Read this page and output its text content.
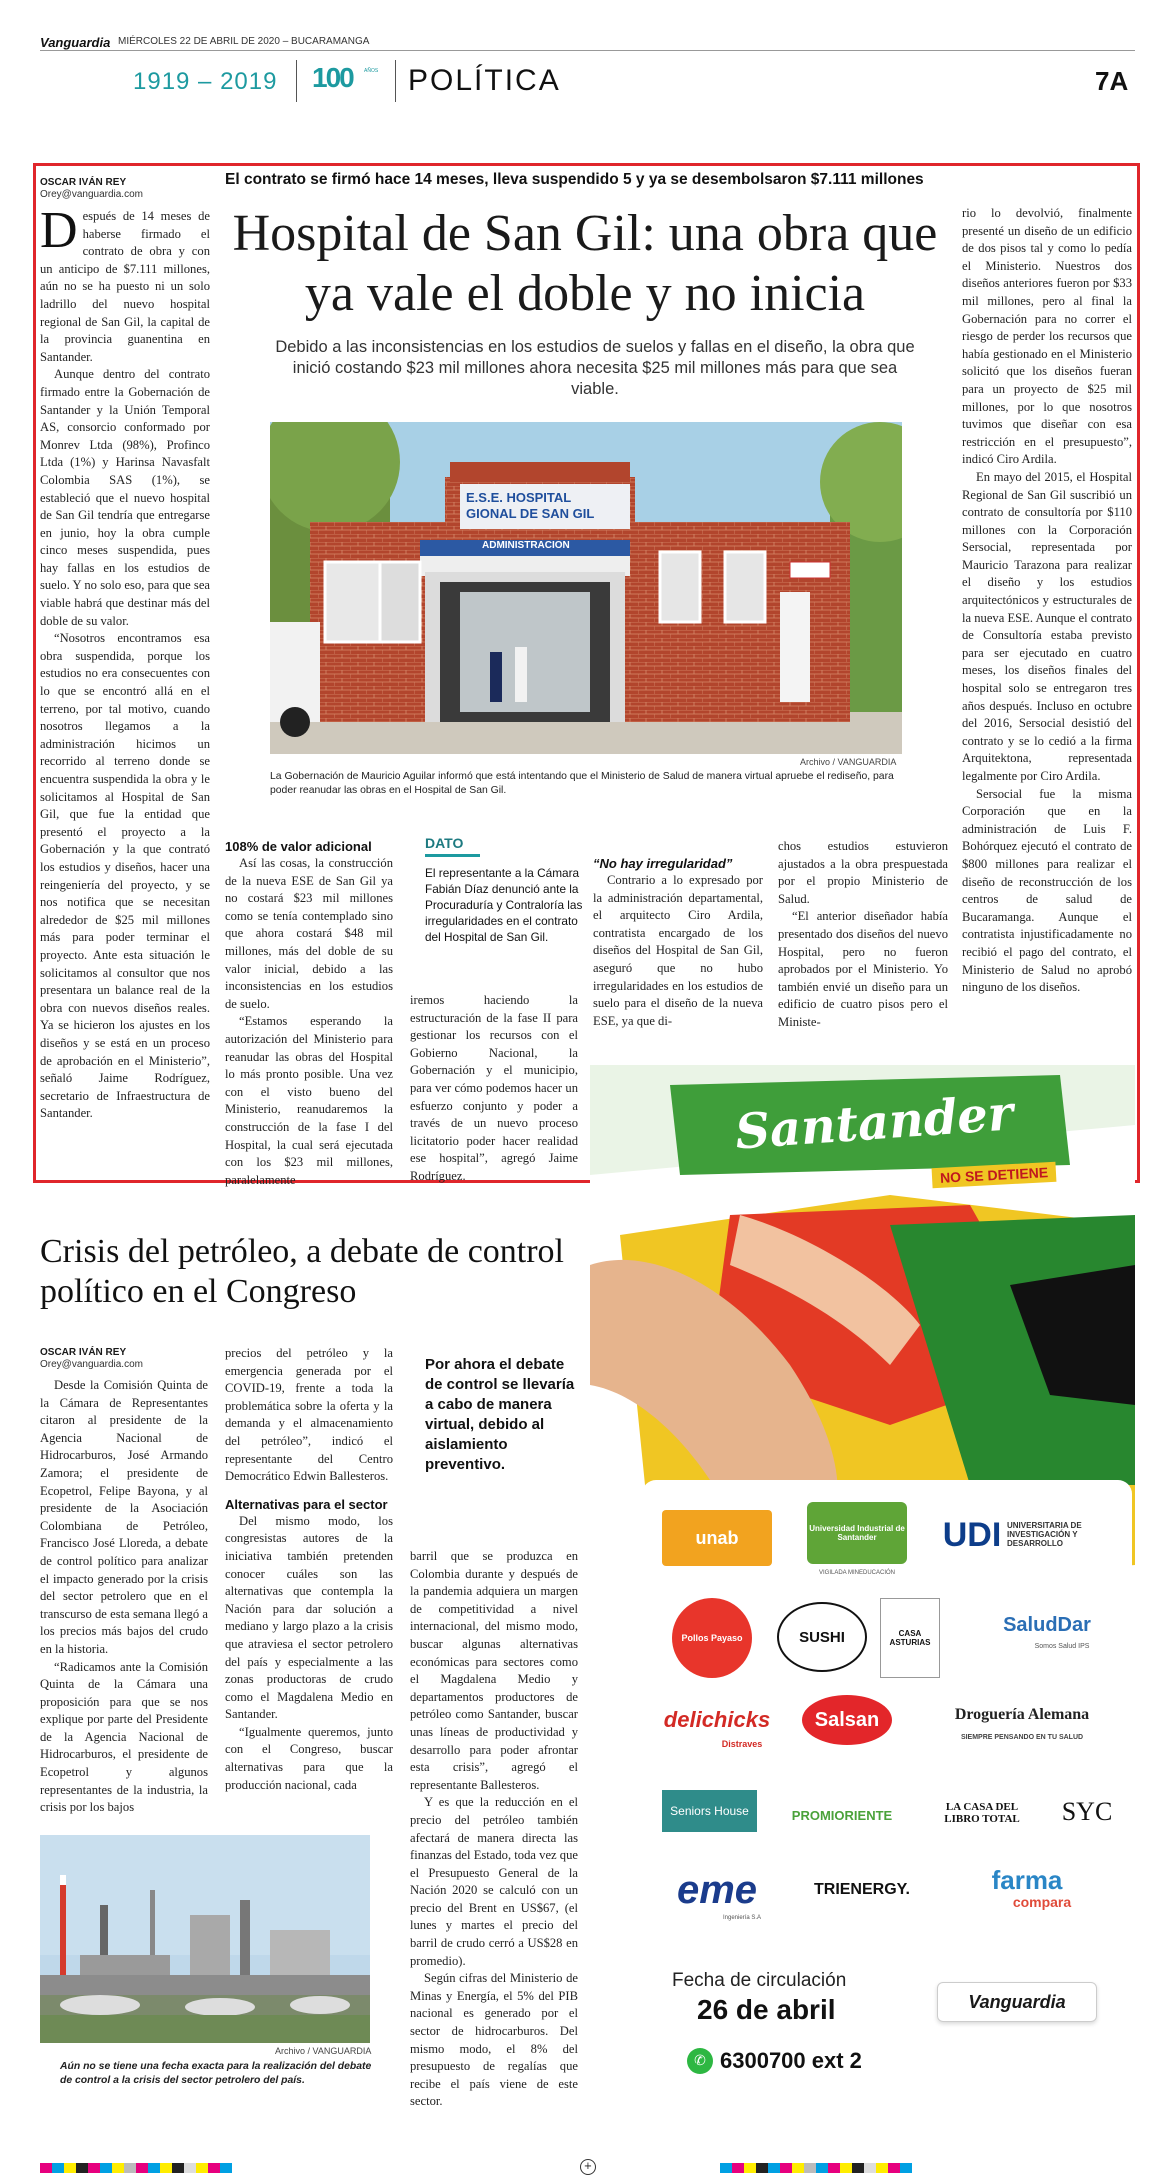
Vanguardia MIÉRCOLES 22 DE ABRIL DE 2020 – BUCARAMANGA
1919 – 2019 100 AÑOS POLÍTICA	7A
OSCAR IVÁN REY
Orey@vanguardia.com
El contrato se firmó hace 14 meses, lleva suspendido 5 y ya se desembolsaron $7.111 millones

Después de 14 meses de haberse firmado el contrato de obra y con un anticipo de $7.111 millones, aún no se ha puesto ni un solo ladrillo del nuevo hospital regional de San Gil, la capital de la provincia guanentina en Santander.

Aunque dentro del contrato firmado entre la Gobernación de Santander y la Unión Temporal AS, consorcio conformado por Monrev Ltda (98%), Profinco Ltda (1%) y Harinsa Navasfalt Colombia SAS (1%), se estableció que el nuevo hospital de San Gil tendría que entregarse en junio, hoy la obra cumple cinco meses suspendida, pues hay fallas en los estudios de suelo. Y no solo eso, para que sea viable habrá que destinar más del doble de su valor.

“Nosotros encontramos esa obra suspendida, porque los estudios no era consecuentes con lo que se encontró allá en el terreno, por tal motivo, cuando nosotros llegamos a la administración hicimos un recorrido al terreno donde se encuentra suspendida la obra y le solicitamos al Hospital de San Gil, que fue la entidad que presentó el proyecto a la Gobernación y la que contrató los estudios y diseños, hacer una reingeniería del proyecto, y se nos notifica que se necesitan alrededor de $25 mil millones más para poder terminar el proyecto. Ante esta situación le solicitamos al consultor que nos presentara un balance real de la obra con nuevos diseños reales. Ya se hicieron los ajustes en los diseños y se está en un proceso de aprobación en el Ministerio”, señaló Jaime Rodríguez, secretario de Infraestructura de Santander.

Hospital de San Gil: una obra que ya vale el doble y no inicia
Debido a las inconsistencias en los estudios de suelos y fallas en el diseño, la obra que inició costando $23 mil millones ahora necesita $25 mil millones más para que sea viable.
E.S.E. HOSPITAL
GIONAL DE SAN GIL
ADMINISTRACION
Archivo / VANGUARDIA
La Gobernación de Mauricio Aguilar informó que está intentando que el Ministerio de Salud de manera virtual apruebe el rediseño, para poder reanudar las obras en el Hospital de San Gil.
108% de valor adicional

Así las cosas, la construcción de la nueva ESE de San Gil ya no costará $23 mil millones como se tenía contemplado sino que ahora costará $48 mil millones, más del doble de su valor inicial, debido a las inconsistencias en los estudios de suelo.

“Estamos esperando la autorización del Ministerio para reanudar las obras del Hospital lo más pronto posible. Una vez con el visto bueno del Ministerio, reanudaremos la construcción de la fase I del Hospital, la cual será ejecutada con los $23 mil millones, paralelamente

DATO
El representante a la Cámara Fabián Díaz denunció ante la Procuraduría y Contraloría las irregularidades en el contrato del Hospital de San Gil.

iremos haciendo la estructuración de la fase II para gestionar los recursos con el Gobierno Nacional, la Gobernación y el municipio, para ver cómo podemos hacer un esfuerzo conjunto y poder a través de un nuevo proceso licitatorio poder hacer realidad ese hospital”, agregó Jaime Rodríguez.

“No hay irregularidad”

Contrario a lo expresado por la administración departamental, el arquitecto Ciro Ardila, contratista encargado de los diseños del Hospital de San Gil, aseguró que no hubo irregularidades en los estudios de suelo para el diseño de la nueva ESE, ya que di-

chos estudios estuvieron ajustados a la obra prespuestada por el propio Ministerio de Salud.

“El anterior diseñador había presentado dos diseños del nuevo Hospital, pero no fueron aprobados por el Ministerio. Yo también envié un diseño para un edificio de cuatro pisos pero el Ministe-

rio lo devolvió, finalmente presenté un diseño de un edificio de dos pisos tal y como lo pedía el Ministerio. Nuestros dos diseños anteriores fueron por $33 mil millones, pero al final la Gobernación para no correr el riesgo de perder los recursos que había gestionado en el Ministerio solicitó que los diseños fueran para un proyecto de $25 mil millones, por lo que nosotros tuvimos que diseñar con esa restricción en el presupuesto”, indicó Ciro Ardila.

En mayo del 2015, el Hospital Regional de San Gil suscribió un contrato de consultoría por $110 millones con la Corporación Sersocial, representada por Mauricio Tarazona para realizar el diseño y los estudios arquitectónicos y estructurales de la nueva ESE. Aunque el contrato de Consultoría estaba previsto para ser ejecutado en cuatro meses, los diseños finales del hospital solo se entregaron tres años después. Incluso en octubre del 2016, Sersocial desistió del contrato y se lo cedió a la firma Arquitektona, representada legalmente por Ciro Ardila.

Sersocial fue la misma Corporación que en la administración de Luis F. Bohórquez ejecutó el contrato de $800 millones para realizar el diseño de reconstrucción de los centros de salud de Bucaramanga. Aunque el contratista injustificadamente no recibió el pago del contrato, el Ministerio de Salud no aprobó ninguno de los diseños.

Santander
NO SE DETIENE
unab	Universidad Industrial de Santander
VIGILADA MINEDUCACIÓN
UDI UNIVERSITARIA DE INVESTIGACIÓN Y DESARROLLO
Pollos Payaso	SUSHI	CASA ASTURIAS
SaludDar
Somos Salud IPS
delichicks
Distraves
Salsan	Droguería Alemana
SIEMPRE PENSANDO EN TU SALUD
Seniors House	PROMIORIENTE
LA CASA DEL LIBRO TOTAL	SYC
eme
Ingeniería S.A
TRIENERGY.	farma
compara
Fecha de circulación
26 de abril	Vanguardia
✆ 6300700 ext 2
Crisis del petróleo, a debate de control político en el Congreso
OSCAR IVÁN REY
Orey@vanguardia.com

Desde la Comisión Quinta de la Cámara de Representantes citaron al presidente de la Agencia Nacional de Hidrocarburos, José Armando Zamora; el presidente de Ecopetrol, Felipe Bayona, y al presidente de la Asociación Colombiana de Petróleo, Francisco José Lloreda, a debate de control político para analizar el impacto generado por la crisis del sector petrolero que en el transcurso de esta semana llegó a los precios más bajos del crudo en la historia.

“Radicamos ante la Comisión Quinta de la Cámara una proposición para que se nos explique por parte del Presidente de la Agencia Nacional de Hidrocarburos, el presidente de Ecopetrol y algunos representantes de la industria, la crisis por los bajos

precios del petróleo y la emergencia generada por el COVID-19, frente a toda la problemática sobre la oferta y la demanda y el almacenamiento del petróleo”, indicó el representante del Centro Democrático Edwin Ballesteros.

Alternativas para el sector

Del mismo modo, los congresistas autores de la iniciativa también pretenden conocer cuáles son las alternativas que contempla la Nación para dar solución a mediano y largo plazo a la crisis que atraviesa el sector petrolero del país y especialmente a las zonas productoras de crudo como el Magdalena Medio en Santander.

“Igualmente queremos, junto con el Congreso, buscar alternativas para que la producción nacional, cada

Por ahora el debate de control se llevaría a cabo de manera virtual, debido al aislamiento preventivo.

barril que se produzca en Colombia durante y después de la pandemia adquiera un margen de competitividad a nivel internacional, del mismo modo, buscar algunas alternativas económicas para sectores como el Magdalena Medio y departamentos productores de petróleo como Santander, buscar unas líneas de productividad y desarrollo para poder afrontar esta crisis”, agregó el representante Ballesteros.

Y es que la reducción en el precio del petróleo también afectará de manera directa las finanzas del Estado, toda vez que el Presupuesto General de la Nación 2020 se calculó con un precio del Brent en US$67, (el lunes y martes el precio del barril de crudo cerró a US$28 en promedio).

Según cifras del Ministerio de Minas y Energía, el 5% del PIB nacional es generado por el sector de hidrocarburos. Del mismo modo, el 8% del presupuesto de regalías que recibe el país viene de este sector.

Archivo / VANGUARDIA
Aún no se tiene una fecha exacta para la realización del debate de control a la crisis del sector petrolero del país.
+
